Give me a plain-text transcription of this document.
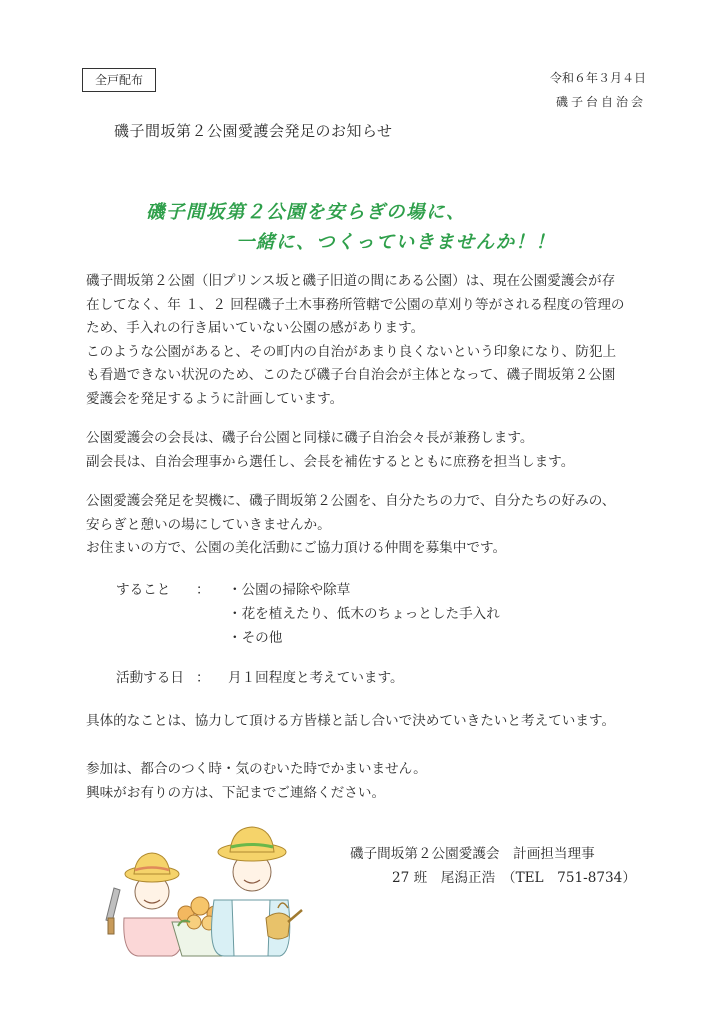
全戸配布	令和６年３月４日
磯子台自治会
磯子間坂第２公園愛護会発足のお知らせ
磯子間坂第２公園を安らぎの場に、
一緒に、つくっていきませんか！！

磯子間坂第２公園（旧プリンス坂と磯子旧道の間にある公園）は、現在公園愛護会が存

在してなく、年 １、２ 回程磯子土木事務所管轄で公園の草刈り等がされる程度の管理の

ため、手入れの行き届いていない公園の感があります。

このような公園があると、その町内の自治があまり良くないという印象になり、防犯上

も看過できない状況のため、このたび磯子台自治会が主体となって、磯子間坂第２公園

愛護会を発足するように計画しています。

公園愛護会の会長は、磯子台公園と同様に磯子自治会々長が兼務します。

副会長は、自治会理事から選任し、会長を補佐するとともに庶務を担当します。

公園愛護会発足を契機に、磯子間坂第２公園を、自分たちの力で、自分たちの好みの、

安らぎと憩いの場にしていきませんか。

お住まいの方で、公園の美化活動にご協力頂ける仲間を募集中です。

すること	：	・公園の掃除や除草
・花を植えたり、低木のちょっとした手入れ
・その他
活動する日 ：	月１回程度と考えています。

具体的なことは、協力して頂ける方皆様と話し合いで決めていきたいと考えています。

参加は、都合のつく時・気のむいた時でかまいません。

興味がお有りの方は、下記までご連絡ください。

磯子間坂第２公園愛護会　計画担当理事
27 班　尾潟正浩　（TEL　751-8734）
